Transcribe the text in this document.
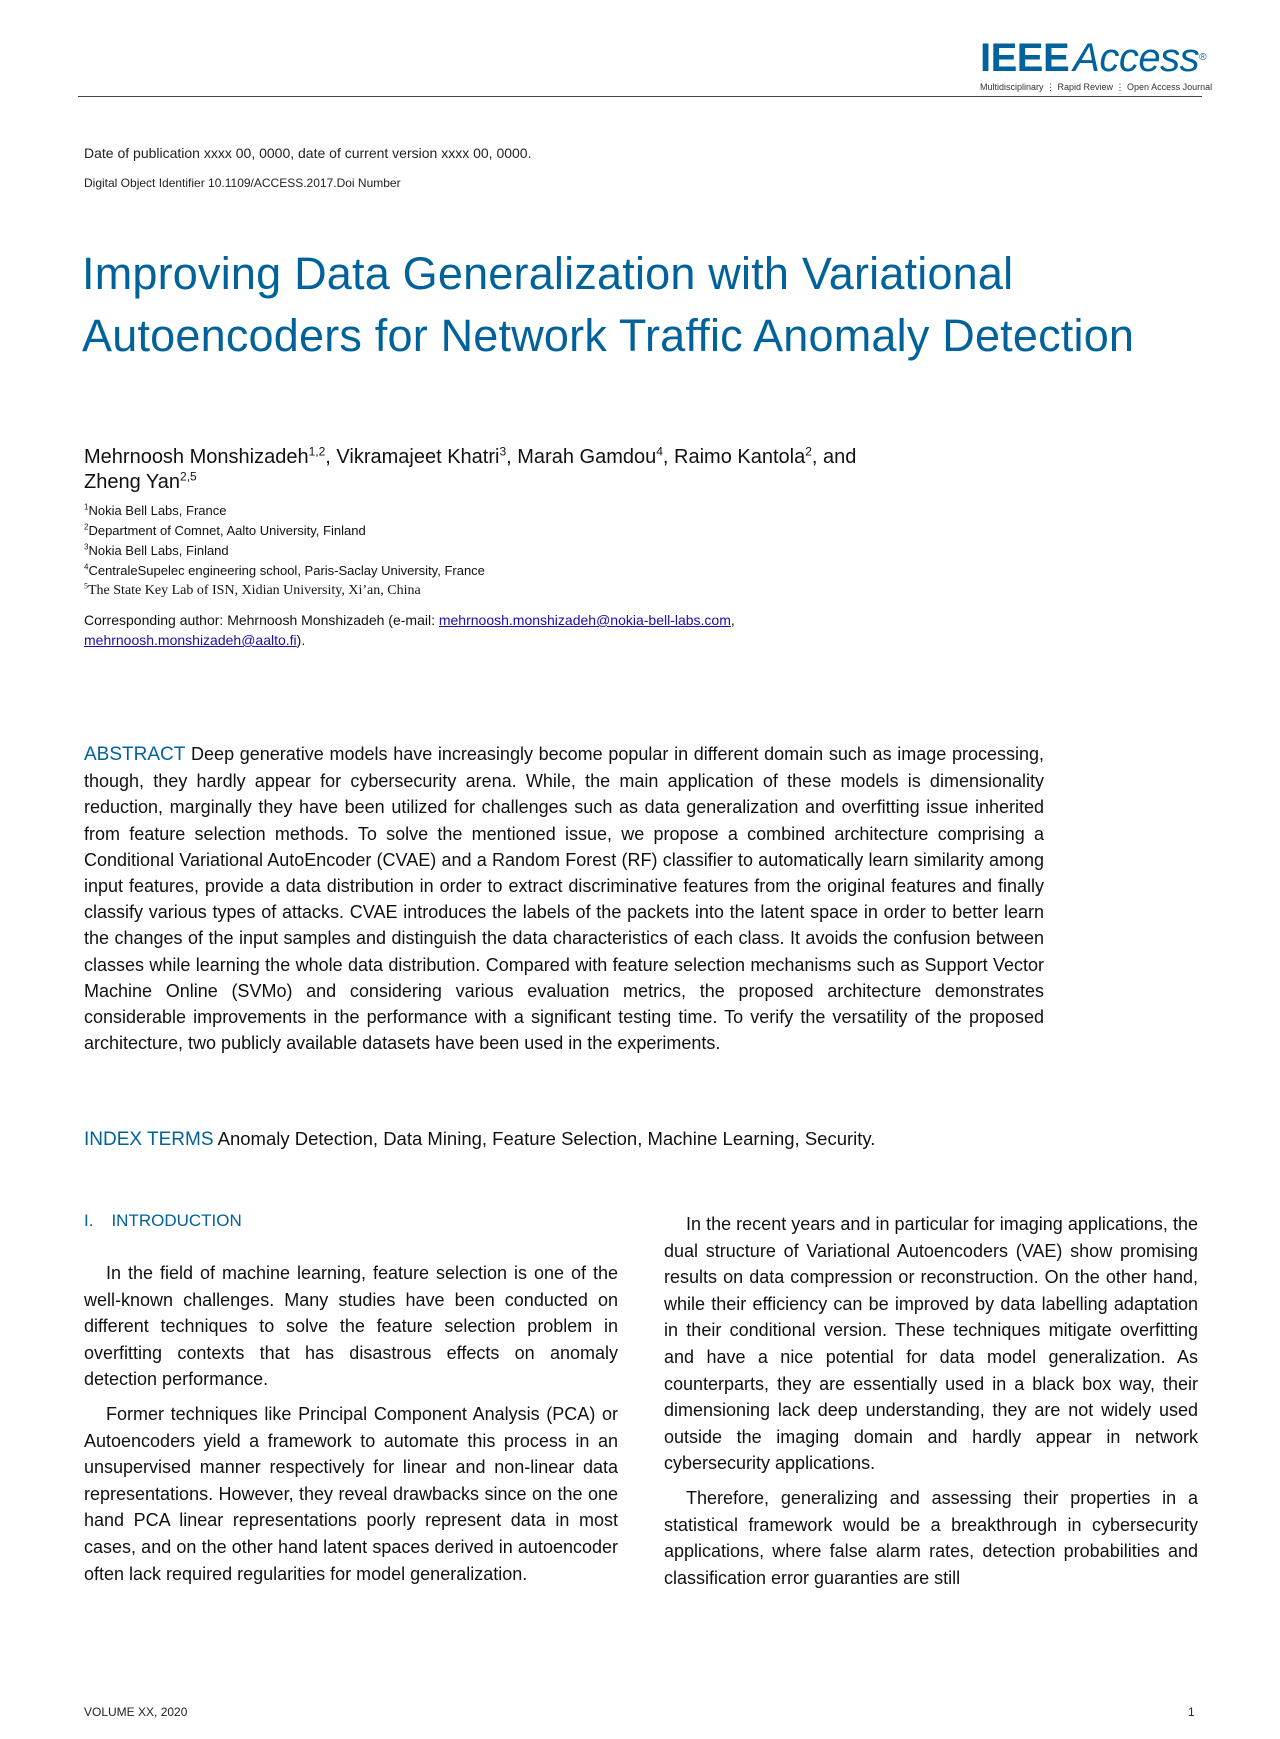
IEEE Access®
Multidisciplinary ⋮ Rapid Review ⋮ Open Access Journal
Date of publication xxxx 00, 0000, date of current version xxxx 00, 0000.
Digital Object Identifier 10.1109/ACCESS.2017.Doi Number
Improving Data Generalization with Variational Autoencoders for Network Traffic Anomaly Detection
Mehrnoosh Monshizadeh$^{1,2}$, Vikramajeet Khatri$^3$, Marah Gamdou$^4$, Raimo Kantola$^2$, and
Zheng Yan$^{2,5}$
$^1$Nokia Bell Labs, France
$^2$Department of Comnet, Aalto University, Finland
$^3$Nokia Bell Labs, Finland
$^4$CentraleSupelec engineering school, Paris-Saclay University, France
$^5$The State Key Lab of ISN, Xidian University, Xi’an, China
Corresponding author: Mehrnoosh Monshizadeh (e-mail: mehrnoosh.monshizadeh@nokia-bell-labs.com,
mehrnoosh.monshizadeh@aalto.fi).

ABSTRACT Deep generative models have increasingly become popular in different domain such as image processing, though, they hardly appear for cybersecurity arena. While, the main application of these models is dimensionality reduction, marginally they have been utilized for challenges such as data generalization and overfitting issue inherited from feature selection methods. To solve the mentioned issue, we propose a combined architecture comprising a Conditional Variational AutoEncoder (CVAE) and a Random Forest (RF) classifier to automatically learn similarity among input features, provide a data distribution in order to extract discriminative features from the original features and finally classify various types of attacks. CVAE introduces the labels of the packets into the latent space in order to better learn the changes of the input samples and distinguish the data characteristics of each class. It avoids the confusion between classes while learning the whole data distribution. Compared with feature selection mechanisms such as Support Vector Machine Online (SVMo) and considering various evaluation metrics, the proposed architecture demonstrates considerable improvements in the performance with a significant testing time. To verify the versatility of the proposed architecture, two publicly available datasets have been used in the experiments.

INDEX TERMS Anomaly Detection, Data Mining, Feature Selection, Machine Learning, Security.

I. INTRODUCTION

In the field of machine learning, feature selection is one of the well-known challenges. Many studies have been conducted on different techniques to solve the feature selection problem in overfitting contexts that has disastrous effects on anomaly detection performance.

Former techniques like Principal Component Analysis (PCA) or Autoencoders yield a framework to automate this process in an unsupervised manner respectively for linear and non-linear data representations. However, they reveal drawbacks since on the one hand PCA linear representations poorly represent data in most cases, and on the other hand latent spaces derived in autoencoder often lack required regularities for model generalization.

In the recent years and in particular for imaging applications, the dual structure of Variational Autoencoders (VAE) show promising results on data compression or reconstruction. On the other hand, while their efficiency can be improved by data labelling adaptation in their conditional version. These techniques mitigate overfitting and have a nice potential for data model generalization. As counterparts, they are essentially used in a black box way, their dimensioning lack deep understanding, they are not widely used outside the imaging domain and hardly appear in network cybersecurity applications.

Therefore, generalizing and assessing their properties in a statistical framework would be a breakthrough in cybersecurity applications, where false alarm rates, detection probabilities and classification error guaranties are still

VOLUME XX, 2020	1
